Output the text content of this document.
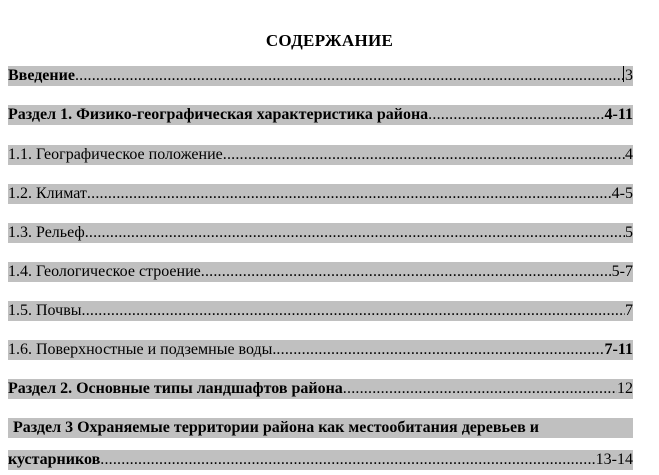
СОДЕРЖАНИЕ
Введение .....	3
Раздел 1. Физико-географическая характеристика района .....	4-11
1.1. Географическое положение .....	4
1.2. Климат .....	4-5
1.3. Рельеф .....	5
1.4. Геологическое строение .....	5-7
1.5. Почвы .....	7
1.6. Поверхностные и подземные воды. .....	7-11
Раздел 2. Основные типы ландшафтов района .....	12
Раздел 3 Охраняемые территории района как местообитания деревьев и
кустарников .....	13-14
